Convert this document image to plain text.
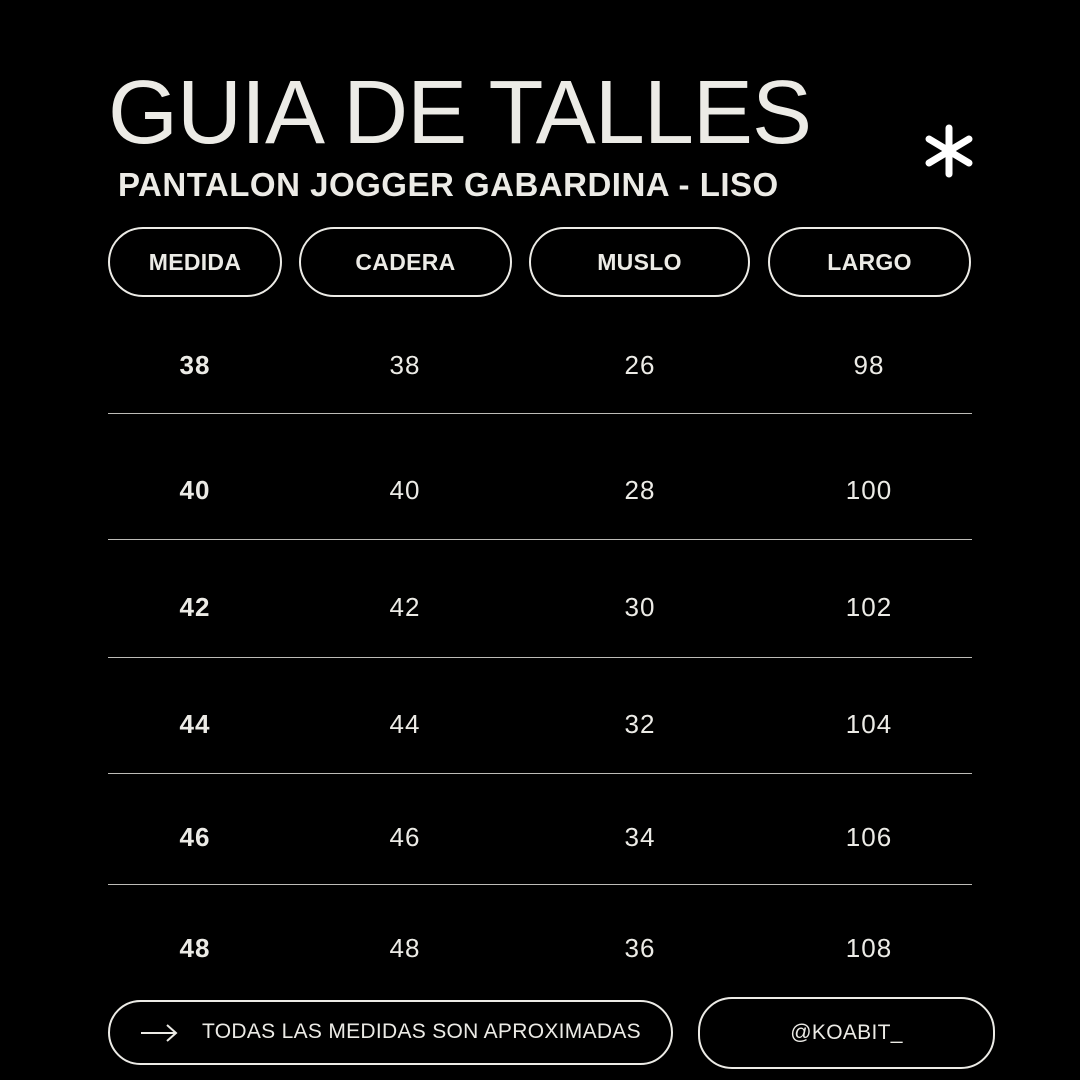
GUIA DE TALLES
PANTALON JOGGER GABARDINA - LISO
MEDIDA	CADERA	MUSLO	LARGO
38	38	26	98
40	40	28	100
42	42	30	102
44	44	32	104
46	46	34	106
48	48	36	108
TODAS LAS MEDIDAS SON APROXIMADAS	@KOABIT_
